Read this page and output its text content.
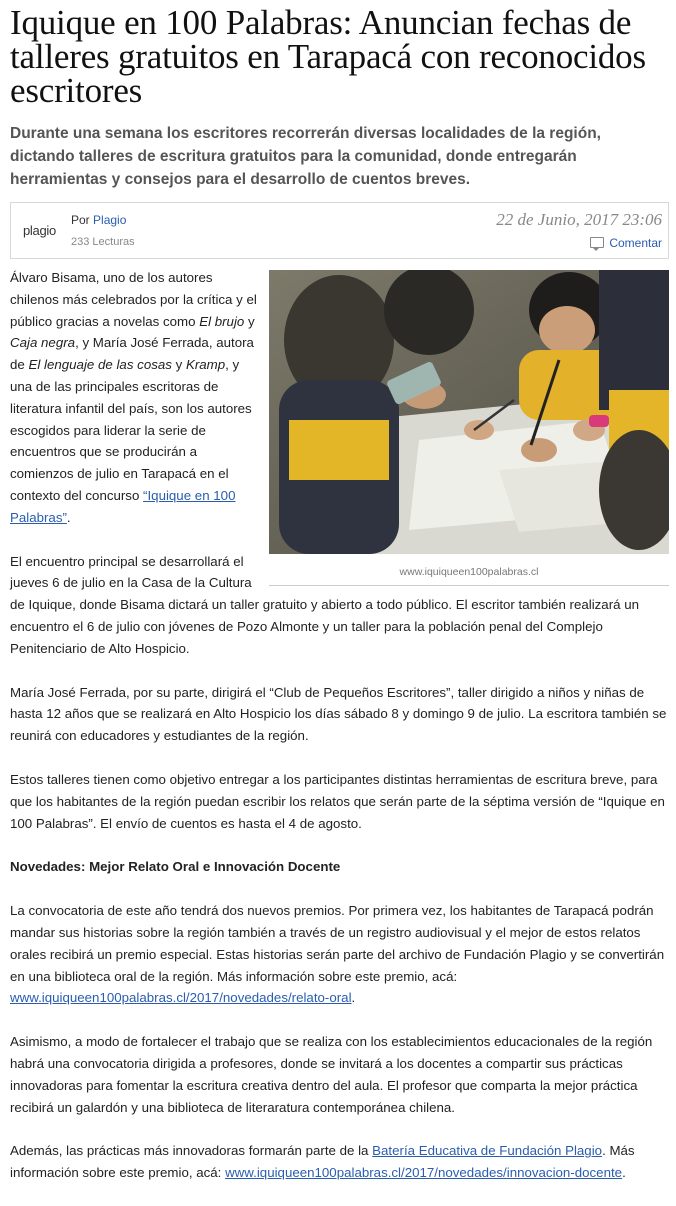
Iquique en 100 Palabras: Anuncian fechas de talleres gratuitos en Tarapacá con reconocidos escritores

Durante una semana los escritores recorrerán diversas localidades de la región, dictando talleres de escritura gratuitos para la comunidad, donde entregarán herramientas y consejos para el desarrollo de cuentos breves.

plagio
Por Plagio
233 Lecturas
22 de Junio, 2017 23:06
Comentar
www.iquiqueen100palabras.cl

Álvaro Bisama, uno de los autores chilenos más celebrados por la crítica y el público gracias a novelas como El brujo y Caja negra, y María José Ferrada, autora de El lenguaje de las cosas y Kramp, y una de las principales escritoras de literatura infantil del país, son los autores escogidos para liderar la serie de encuentros que se producirán a comienzos de julio en Tarapacá en el contexto del concurso “Iquique en 100 Palabras”.

El encuentro principal se desarrollará el jueves 6 de julio en la Casa de la Cultura de Iquique, donde Bisama dictará un taller gratuito y abierto a todo público. El escritor también realizará un encuentro el 6 de julio con jóvenes de Pozo Almonte y un taller para la población penal del Complejo Penitenciario de Alto Hospicio.

María José Ferrada, por su parte, dirigirá el “Club de Pequeños Escritores”, taller dirigido a niños y niñas de hasta 12 años que se realizará en Alto Hospicio los días sábado 8 y domingo 9 de julio. La escritora también se reunirá con educadores y estudiantes de la región.

Estos talleres tienen como objetivo entregar a los participantes distintas herramientas de escritura breve, para que los habitantes de la región puedan escribir los relatos que serán parte de la séptima versión de “Iquique en 100 Palabras”. El envío de cuentos es hasta el 4 de agosto.

Novedades: Mejor Relato Oral e Innovación Docente

La convocatoria de este año tendrá dos nuevos premios. Por primera vez, los habitantes de Tarapacá podrán mandar sus historias sobre la región también a través de un registro audiovisual y el mejor de estos relatos orales recibirá un premio especial. Estas historias serán parte del archivo de Fundación Plagio y se convertirán en una biblioteca oral de la región. Más información sobre este premio, acá: www.iquiqueen100palabras.cl/2017/novedades/relato-oral.

Asimismo, a modo de fortalecer el trabajo que se realiza con los establecimientos educacionales de la región habrá una convocatoria dirigida a profesores, donde se invitará a los docentes a compartir sus prácticas innovadoras para fomentar la escritura creativa dentro del aula. El profesor que comparta la mejor práctica recibirá un galardón y una biblioteca de literaratura contemporánea chilena.

Además, las prácticas más innovadoras formarán parte de la Batería Educativa de Fundación Plagio. Más información sobre este premio, acá: www.iquiqueen100palabras.cl/2017/novedades/innovacion-docente.
